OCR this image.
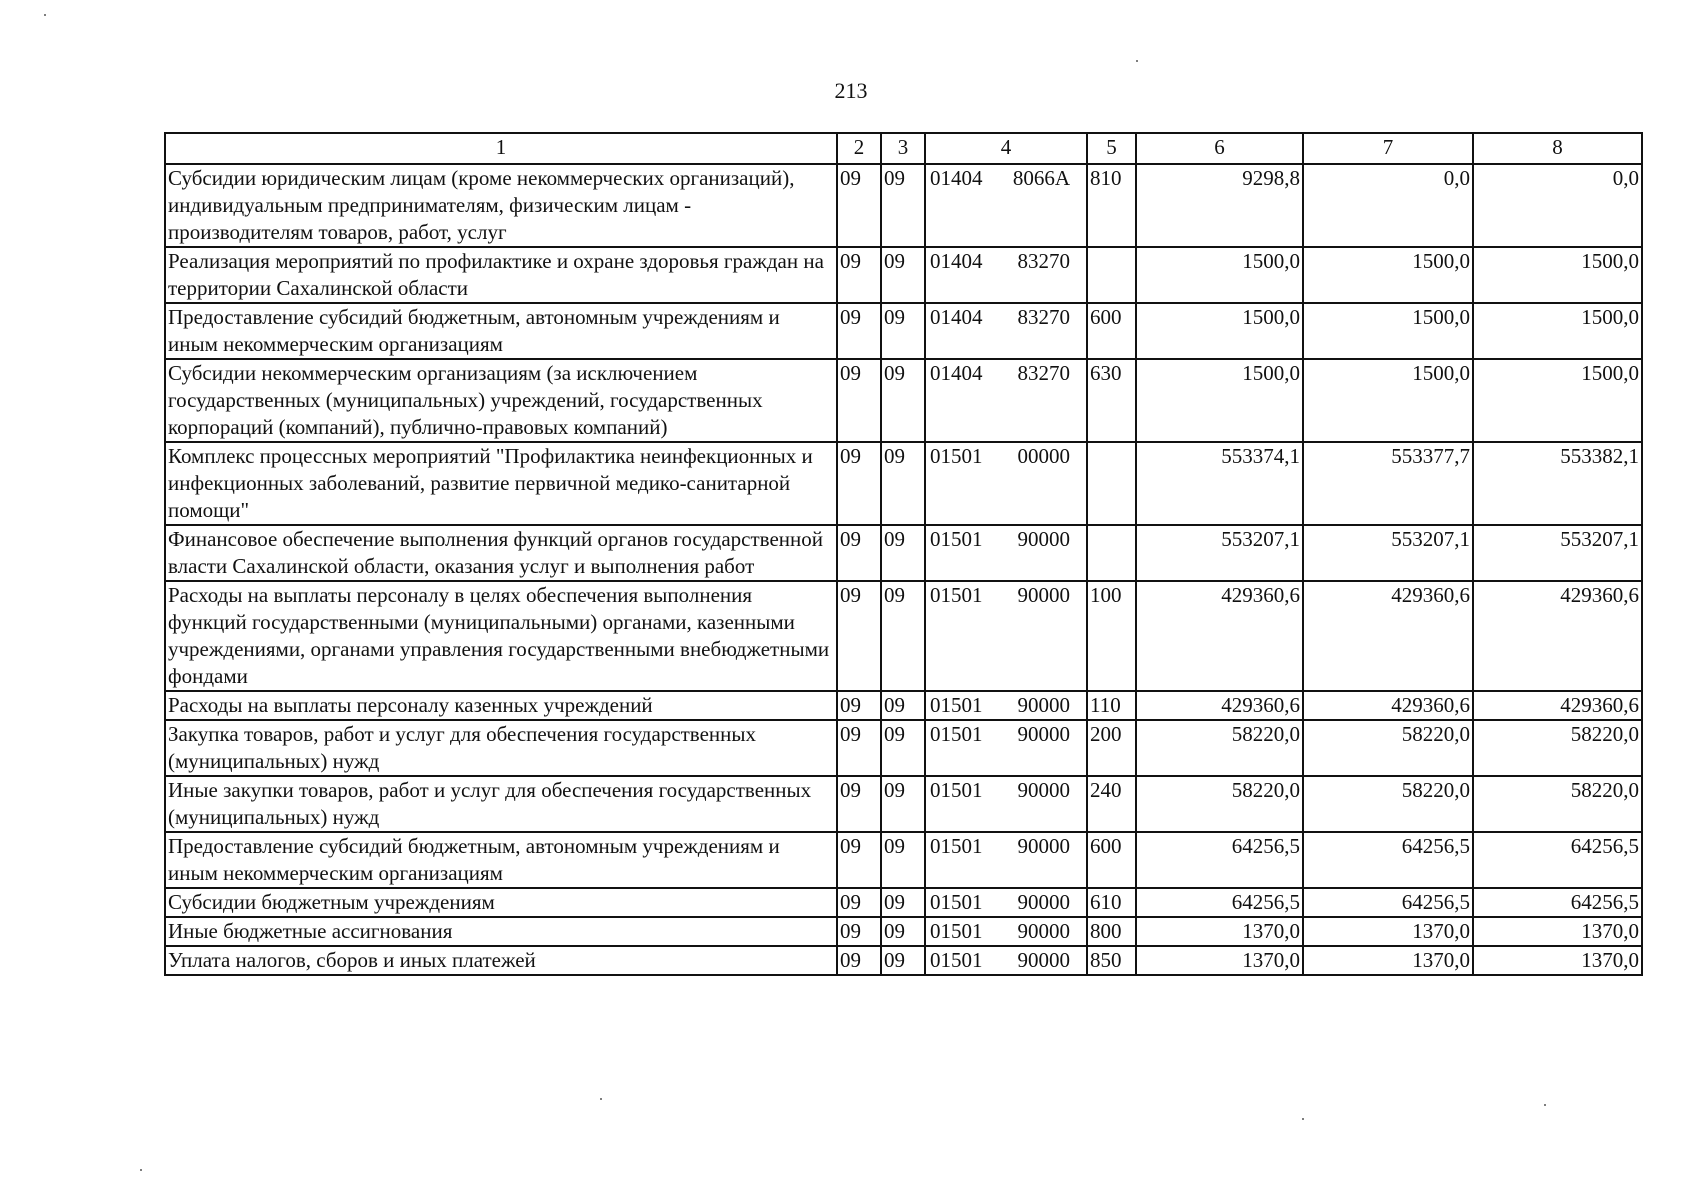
213
1	2	3	4	5	6	7	8
Субсидии юридическим лицам (кроме некоммерческих организаций), индивидуальным предпринимателям, физическим лицам - производителям товаров, работ, услуг	09	09	01404 8066А	810	9298,8	0,0	0,0
Реализация мероприятий по профилактике и охране здоровья граждан на территории Сахалинской области	09	09	01404 83270		1500,0	1500,0	1500,0
Предоставление субсидий бюджетным, автономным учреждениям и иным некоммерческим организациям	09	09	01404 83270	600	1500,0	1500,0	1500,0
Субсидии некоммерческим организациям (за исключением государственных (муниципальных) учреждений, государственных корпораций (компаний), публично-правовых компаний)	09	09	01404 83270	630	1500,0	1500,0	1500,0
Комплекс процессных мероприятий "Профилактика неинфекционных и инфекционных заболеваний, развитие первичной медико-санитарной помощи"	09	09	01501 00000		553374,1	553377,7	553382,1
Финансовое обеспечение выполнения функций органов государственной власти Сахалинской области, оказания услуг и выполнения работ	09	09	01501 90000		553207,1	553207,1	553207,1
Расходы на выплаты персоналу в целях обеспечения выполнения функций государственными (муниципальными) органами, казенными учреждениями, органами управления государственными внебюджетными фондами	09	09	01501 90000	100	429360,6	429360,6	429360,6
Расходы на выплаты персоналу казенных учреждений	09	09	01501 90000	110	429360,6	429360,6	429360,6
Закупка товаров, работ и услуг для обеспечения государственных (муниципальных) нужд	09	09	01501 90000	200	58220,0	58220,0	58220,0
Иные закупки товаров, работ и услуг для обеспечения государственных (муниципальных) нужд	09	09	01501 90000	240	58220,0	58220,0	58220,0
Предоставление субсидий бюджетным, автономным учреждениям и иным некоммерческим организациям	09	09	01501 90000	600	64256,5	64256,5	64256,5
Субсидии бюджетным учреждениям	09	09	01501 90000	610	64256,5	64256,5	64256,5
Иные бюджетные ассигнования	09	09	01501 90000	800	1370,0	1370,0	1370,0
Уплата налогов, сборов и иных платежей	09	09	01501 90000	850	1370,0	1370,0	1370,0
